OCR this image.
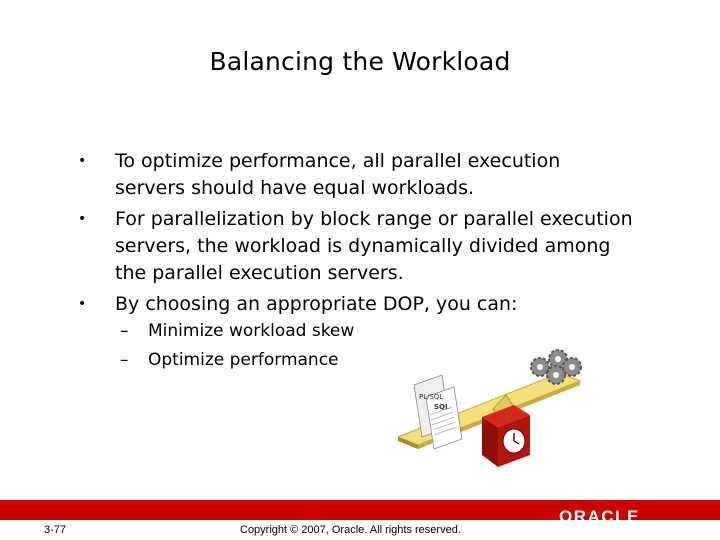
Balancing the Workload
• To optimize performance, all parallel execution servers should have equal workloads.
• For parallelization by block range or parallel execution servers, the workload is dynamically divided among the parallel execution servers.
• By choosing an appropriate DOP, you can:
– Minimize workload skew
– Optimize performance
PL/SQL
SQL
ORACLE
3-77	Copyright © 2007, Oracle. All rights reserved.
